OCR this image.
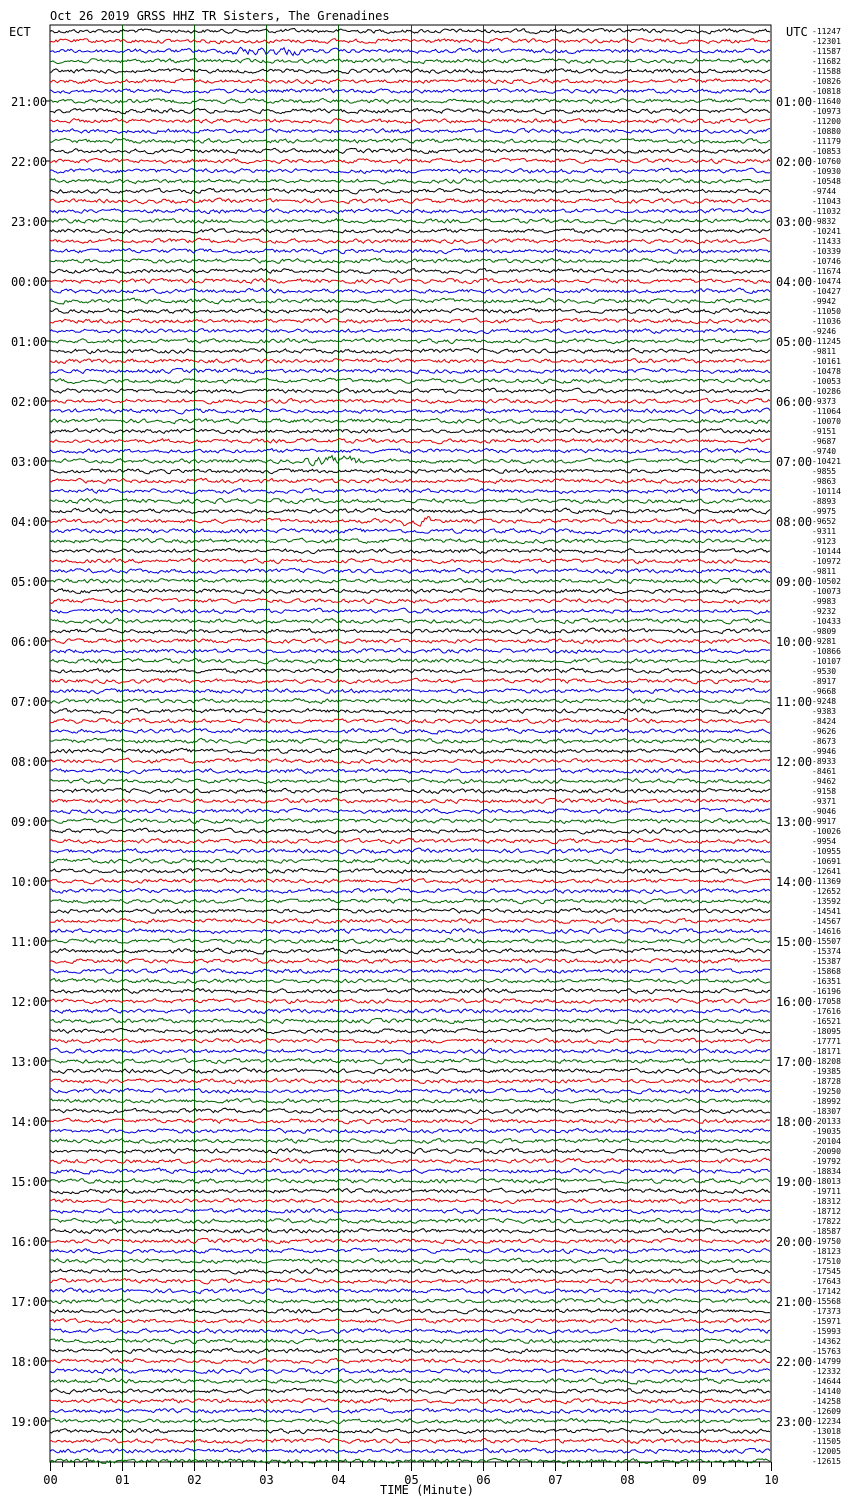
Oct 26 2019 GRSS HHZ TR Sisters, The Grenadines
ECT	UTC
TIME (Minute)
-11247
-12301
-11587
-11682
-11588
-10826
-10818
-11640
-10973
-11200
-10880
-11179
-10853
-10760
-10930
-10548
-9744
-11043
-11032
-9832
-10241
-11433
-10339
-10746
-11674
-10474
-10427
-9942
-11050
-11036
-9246
-11245
-9811
-10161
-10478
-10053
-10286
-9373
-11064
-10070
-9151
-9687
-9740
-10421
-9855
-9863
-10114
-8893
-9975
-9652
-9311
-9123
-10144
-10972
-9811
-10502
-10073
-9983
-9232
-10433
-9809
-9281
-10866
-10107
-9530
-8917
-9668
-9248
-9383
-8424
-9626
-8673
-9946
-8933
-8461
-9462
-9158
-9371
-9046
-9917
-10026
-9954
-10955
-10691
-12641
-11369
-12652
-13592
-14541
-14567
-14616
-15507
-15374
-15387
-15868
-16351
-16196
-17058
-17616
-16521
-18095
-17771
-18171
-18208
-19385
-18728
-19250
-18992
-18307
-20133
-19035
-20104
-20090
-19792
-18834
-18013
-19711
-18312
-18712
-17822
-18587
-19750
-18123
-17510
-17545
-17643
-17142
-15568
-17373
-15971
-15993
-14362
-15763
-14799
-12332
-14644
-14140
-14258
-12609
-12234
-13018
-11505
-12005
-12615
21:00
22:00
23:00
00:00
01:00
02:00
03:00
04:00
05:00
06:00
07:00
08:00
09:00
10:00
11:00
12:00
13:00
14:00
15:00
16:00
17:00
18:00
19:00
01:00
02:00
03:00
04:00
05:00
06:00
07:00
08:00
09:00
10:00
11:00
12:00
13:00
14:00
15:00
16:00
17:00
18:00
19:00
20:00
21:00
22:00
23:00
00	01	02	03	04	05	06	07	08	09	10
